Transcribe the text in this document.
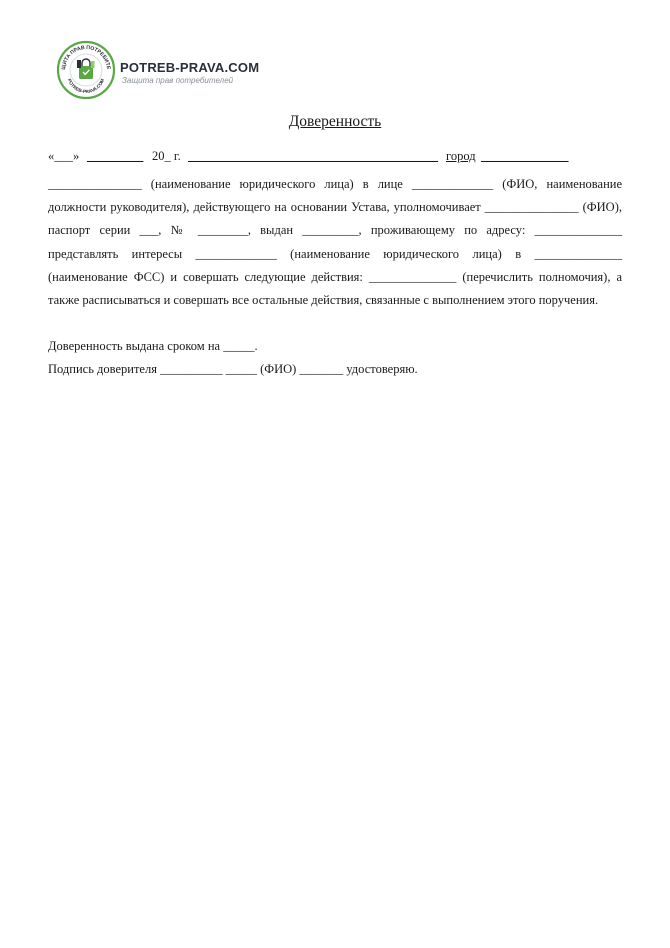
ЩИТА ПРАВ ПОТРЕБИТЕ
POTREB-PRAVA.COM
POTREB-PRAVA.COM
Защита прав потребителей
Доверенность
«___» _________ 20_ г. ________________________________________ город ______________
_______________ (наименование юридического лица) в лице _____________ (ФИО, наименование должности руководителя), действующего на основании Устава, уполномочивает _______________ (ФИО), паспорт серии ___, № ________, выдан _________, проживающему по адресу: ______________ представлять интересы _____________ (наименование юридического лица) в ______________ (наименование ФСС) и совершать следующие действия: ______________ (перечислить полномочия), а также расписываться и совершать все остальные действия, связанные с выполнением этого поручения.
Доверенность выдана сроком на _____.
Подпись доверителя __________ _____ (ФИО) _______ удостоверяю.
